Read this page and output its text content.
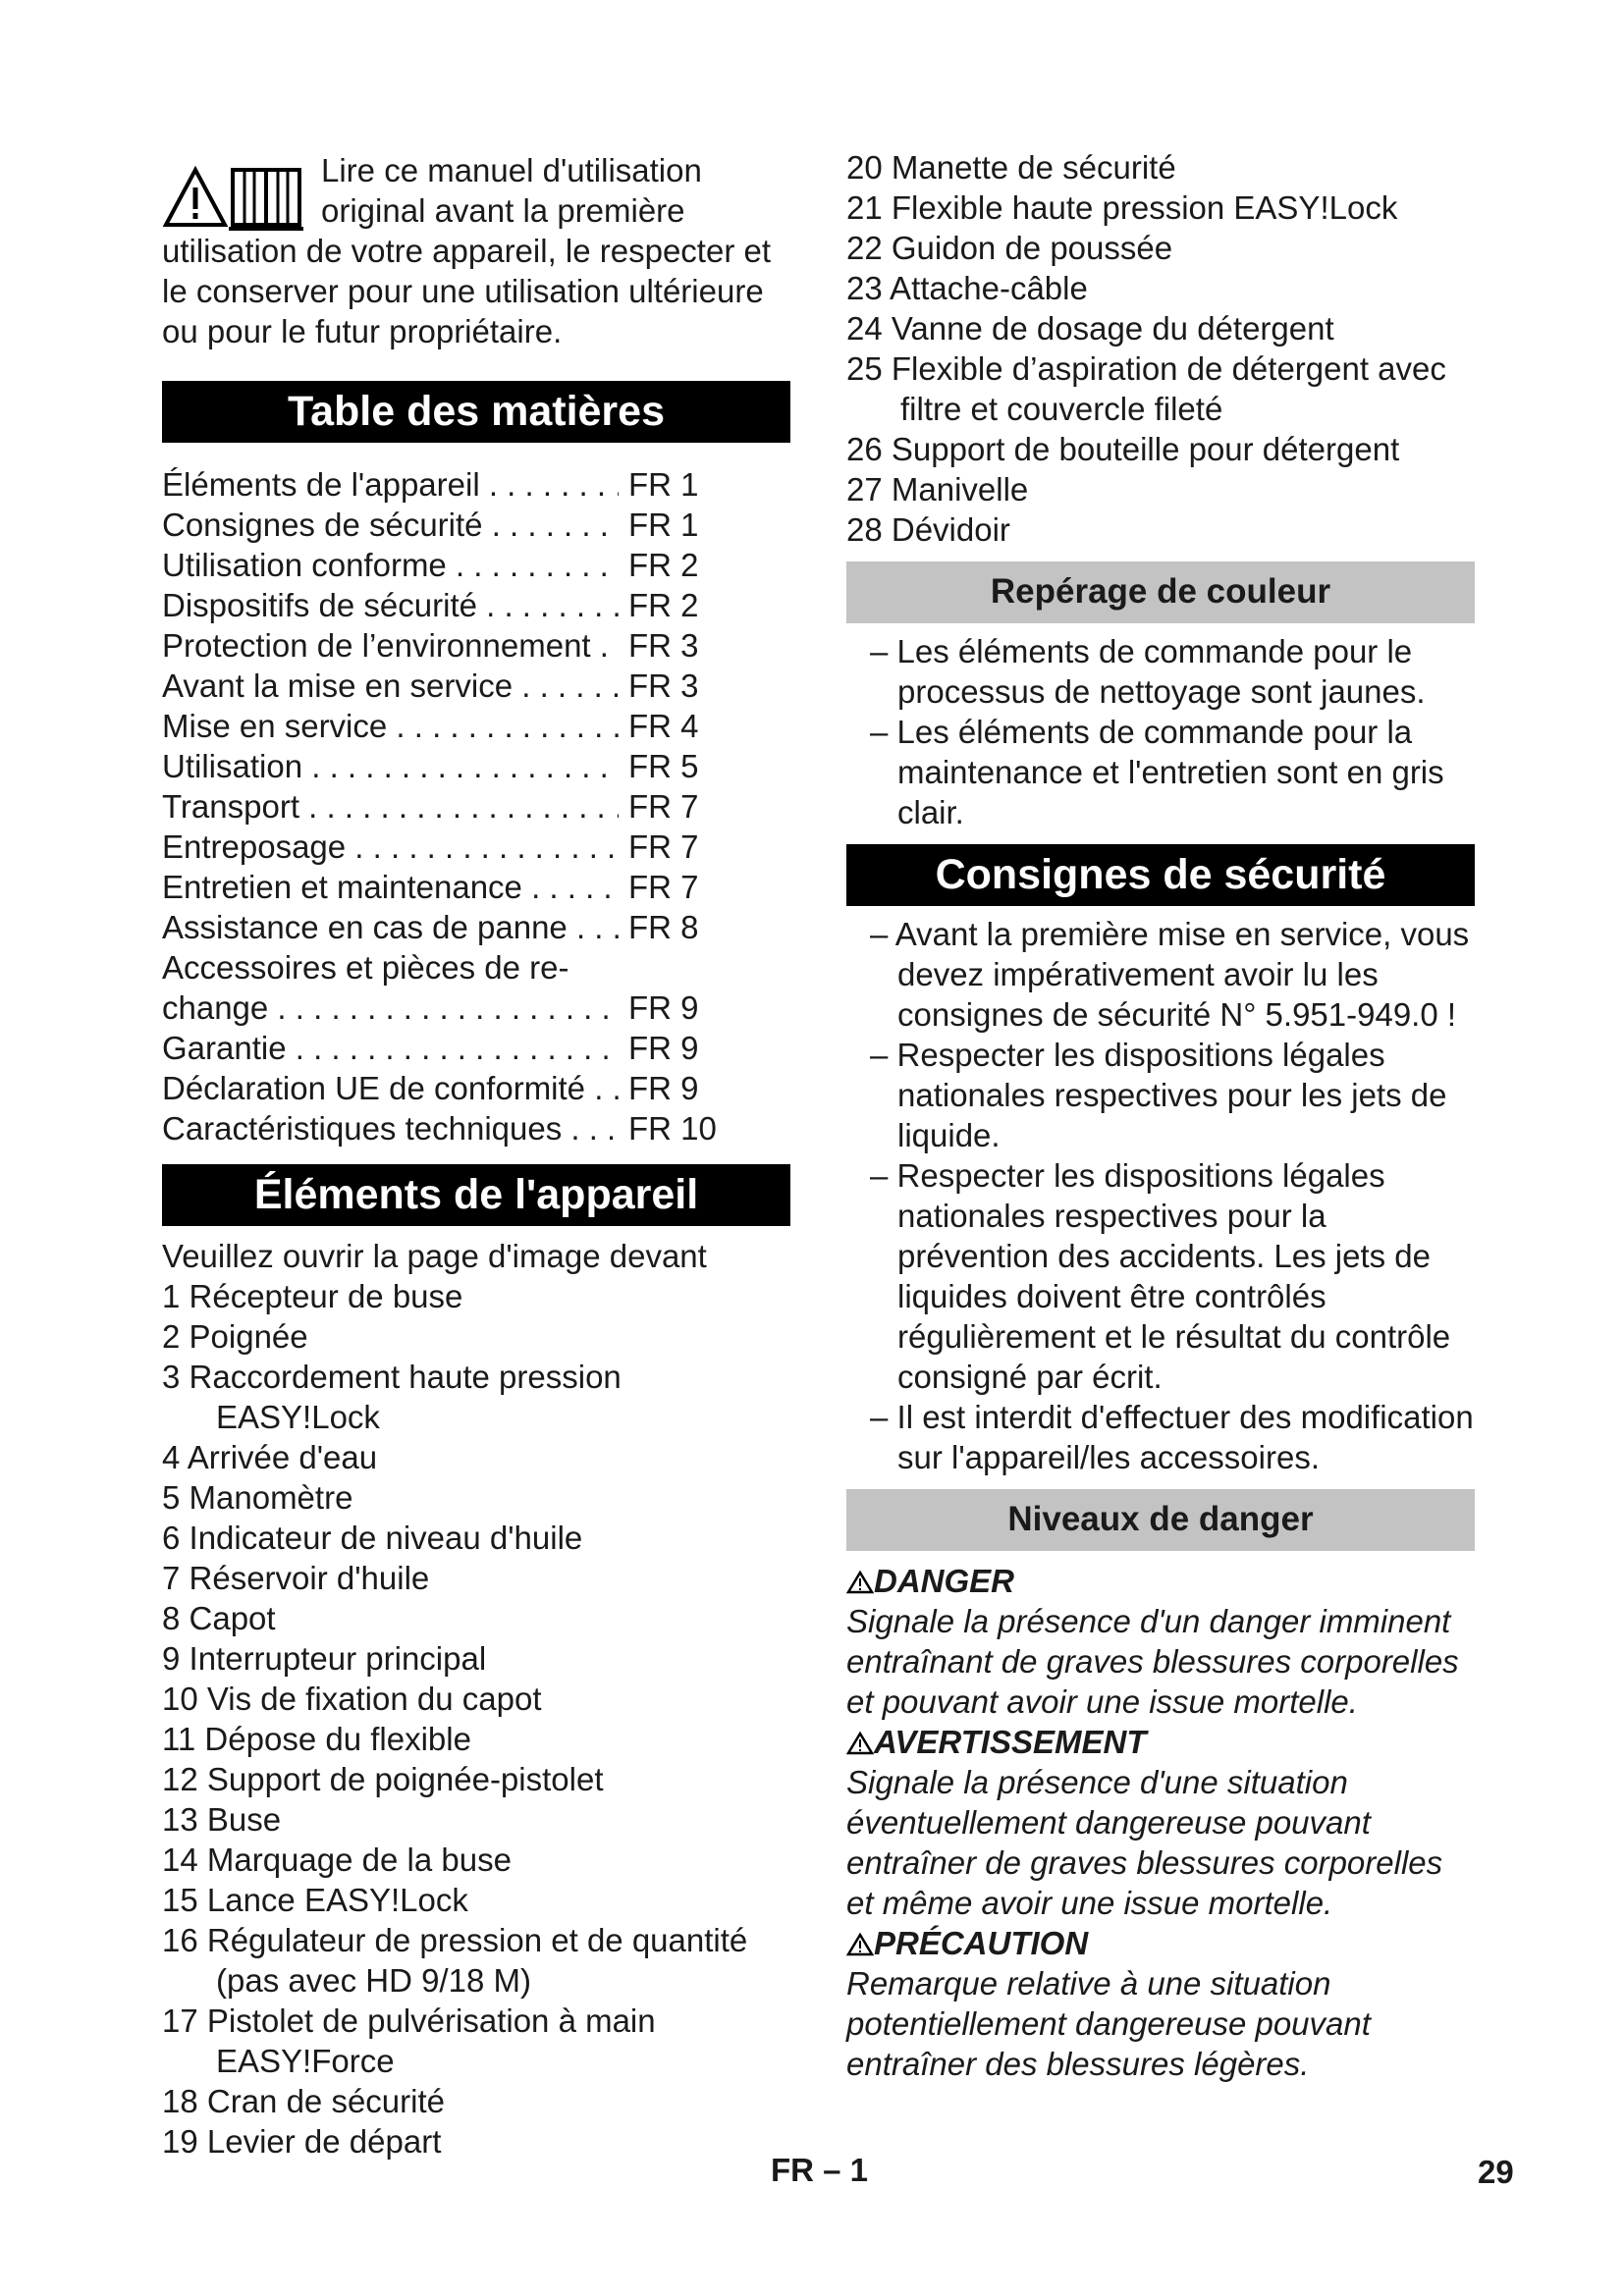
Lire ce manuel d'utilisation original avant la première utilisation de votre appareil, le respecter et le conserver pour une utilisation ultérieure ou pour le futur propriétaire.

Table des matières
Éléments de l'appareil . . .	FR 1
Consignes de sécurité . . .	FR 1
Utilisation conforme . . .	FR 2
Dispositifs de sécurité . . .	FR 2
Protection de l’environnement . . .	FR 3
Avant la mise en service . . .	FR 3
Mise en service . . .	FR 4
Utilisation . . .	FR 5
Transport . . .	FR 7
Entreposage . . .	FR 7
Entretien et maintenance . . .	FR 7
Assistance en cas de panne . . .	FR 8
Accessoires et pièces de re-
change . . .	FR 9
Garantie . . .	FR 9
Déclaration UE de conformité . . .	FR 9
Caractéristiques techniques . . .	FR 10
Éléments de l'appareil

Veuillez ouvrir la page d'image devant

1 Récepteur de buse
2 Poignée
3 Raccordement haute pression EASY!Lock
4 Arrivée d'eau
5 Manomètre
6 Indicateur de niveau d'huile
7 Réservoir d'huile
8 Capot
9 Interrupteur principal
10 Vis de fixation du capot
11 Dépose du flexible
12 Support de poignée-pistolet
13 Buse
14 Marquage de la buse
15 Lance EASY!Lock
16 Régulateur de pression et de quantité (pas avec HD 9/18 M)
17 Pistolet de pulvérisation à main EASY!Force
18 Cran de sécurité
19 Levier de départ
20 Manette de sécurité
21 Flexible haute pression EASY!Lock
22 Guidon de poussée
23 Attache-câble
24 Vanne de dosage du détergent
25 Flexible d’aspiration de détergent avec filtre et couvercle fileté
26 Support de bouteille pour détergent
27 Manivelle
28 Dévidoir
Repérage de couleur
– Les éléments de commande pour le processus de nettoyage sont jaunes.
– Les éléments de commande pour la maintenance et l'entretien sont en gris clair.
Consignes de sécurité
– Avant la première mise en service, vous devez impérativement avoir lu les consignes de sécurité N° 5.951-949.0 !
– Respecter les dispositions légales nationales respectives pour les jets de liquide.
– Respecter les dispositions légales nationales respectives pour la prévention des accidents. Les jets de liquides doivent être contrôlés régulièrement et le résultat du contrôle consigné par écrit.
– Il est interdit d'effectuer des modification sur l'appareil/les accessoires.
Niveaux de danger
DANGER
Signale la présence d'un danger imminent entraînant de graves blessures corporelles et pouvant avoir une issue mortelle.
AVERTISSEMENT
Signale la présence d'une situation éventuellement dangereuse pouvant entraîner de graves blessures corporelles et même avoir une issue mortelle.
PRÉCAUTION
Remarque relative à une situation potentiellement dangereuse pouvant entraîner des blessures légères.
FR – 1	29
